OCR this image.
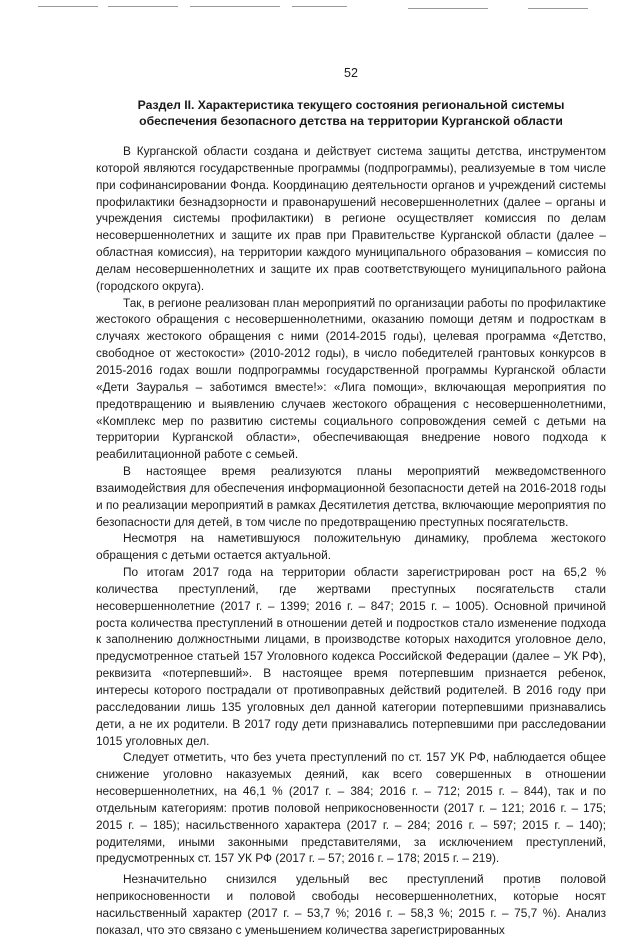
52
Раздел II. Характеристика текущего состояния региональной системы
обеспечения безопасного детства на территории Курганской области

В Курганской области создана и действует система защиты детства, инструментом которой являются государственные программы (подпрограммы), реализуемые в том числе при софинансировании Фонда. Координацию деятельности органов и учреждений системы профилактики безнадзорности и правонарушений несовершеннолетних (далее – органы и учреждения системы профилактики) в регионе осуществляет комиссия по делам несовершеннолетних и защите их прав при Правительстве Курганской области (далее – областная комиссия), на территории каждого муниципального образования – комиссия по делам несовершеннолетних и защите их прав соответствующего муниципального района (городского округа).

Так, в регионе реализован план мероприятий по организации работы по профилактике жестокого обращения с несовершеннолетними, оказанию помощи детям и подросткам в случаях жестокого обращения с ними (2014-2015 годы), целевая программа «Детство, свободное от жестокости» (2010-2012 годы), в число победителей грантовых конкурсов в 2015-2016 годах вошли подпрограммы государственной программы Курганской области «Дети Зауралья – заботимся вместе!»: «Лига помощи», включающая мероприятия по предотвращению и выявлению случаев жестокого обращения с несовершеннолетними, «Комплекс мер по развитию системы социального сопровождения семей с детьми на территории Курганской области», обеспечивающая внедрение нового подхода к реабилитационной работе с семьей.

В настоящее время реализуются планы мероприятий межведомственного взаимодействия для обеспечения информационной безопасности детей на 2016-2018 годы и по реализации мероприятий в рамках Десятилетия детства, включающие мероприятия по безопасности для детей, в том числе по предотвращению преступных посягательств.

Несмотря на наметившуюся положительную динамику, проблема жестокого обращения с детьми остается актуальной.

По итогам 2017 года на территории области зарегистрирован рост на 65,2 % количества преступлений, где жертвами преступных посягательств стали несовершеннолетние (2017 г. – 1399; 2016 г. – 847; 2015 г. – 1005). Основной причиной роста количества преступлений в отношении детей и подростков стало изменение подхода к заполнению должностными лицами, в производстве которых находится уголовное дело, предусмотренное статьей 157 Уголовного кодекса Российской Федерации (далее – УК РФ), реквизита «потерпевший». В настоящее время потерпевшим признается ребенок, интересы которого пострадали от противоправных действий родителей. В 2016 году при расследовании лишь 135 уголовных дел данной категории потерпевшими признавались дети, а не их родители. В 2017 году дети признавались потерпевшими при расследовании 1015 уголовных дел.

Следует отметить, что без учета преступлений по ст. 157 УК РФ, наблюдается общее снижение уголовно наказуемых деяний, как всего совершенных в отношении несовершеннолетних, на 46,1 % (2017 г. – 384; 2016 г. – 712; 2015 г. – 844), так и по отдельным категориям: против половой неприкосновенности (2017 г. – 121; 2016 г. – 175; 2015 г. – 185); насильственного характера (2017 г. – 284; 2016 г. – 597; 2015 г. – 140); родителями, иными законными представителями, за исключением преступлений, предусмотренных ст. 157 УК РФ (2017 г. – 57; 2016 г. – 178; 2015 г. – 219).

Незначительно снизился удельный вес преступлений против половой неприкосновенности и половой свободы несовершеннолетних, которые носят насильственный характер (2017 г. – 53,7 %; 2016 г. – 58,3 %; 2015 г. – 75,7 %). Анализ показал, что это связано с уменьшением количества зарегистрированных
